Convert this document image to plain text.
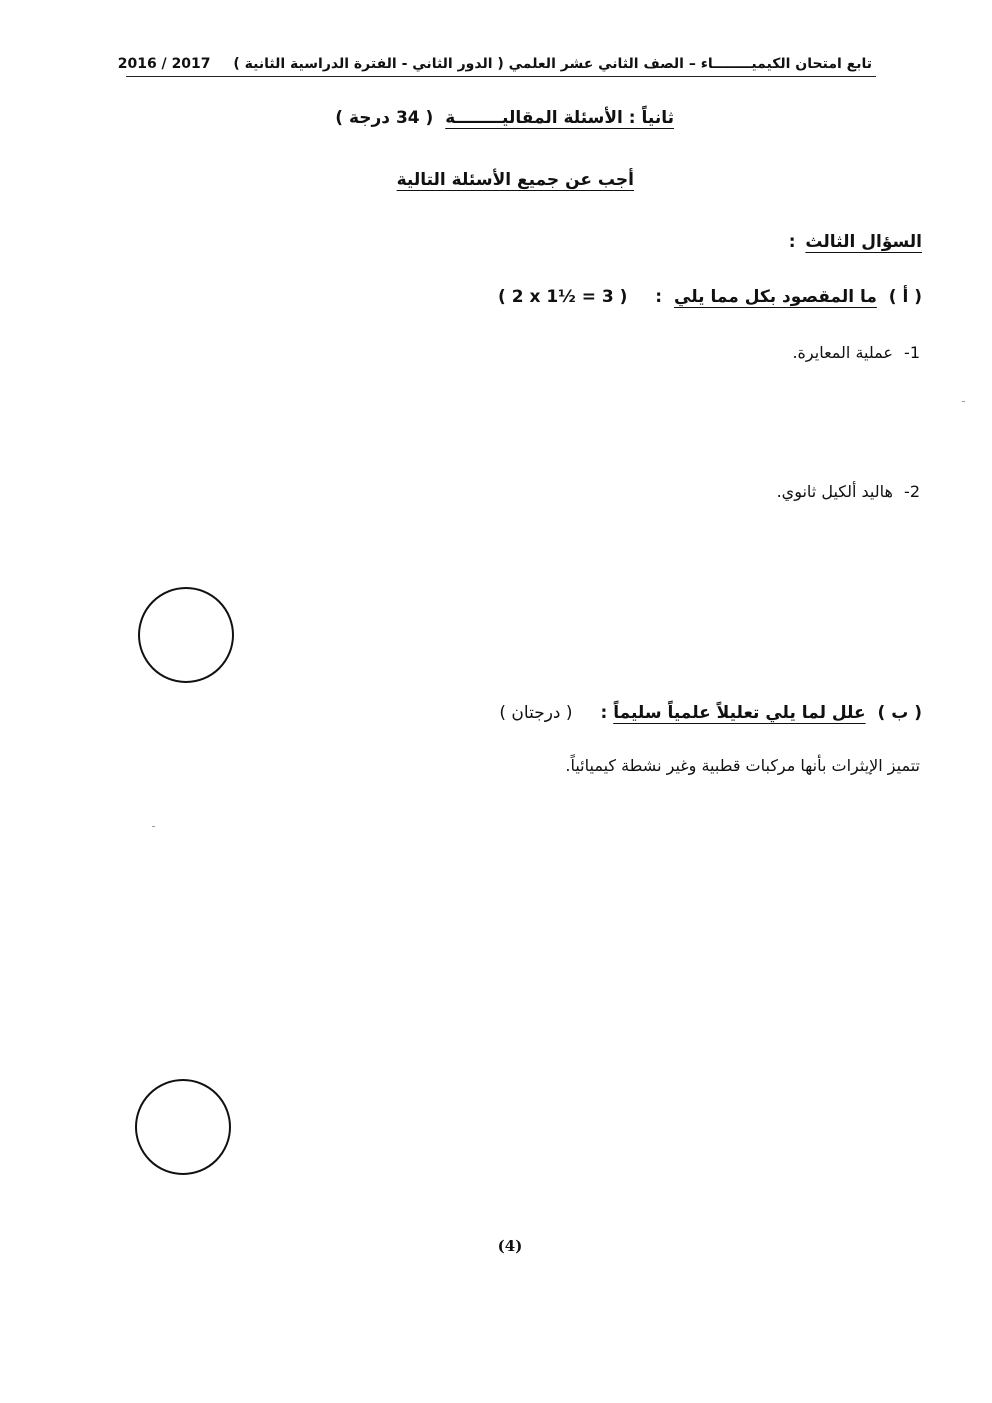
تابع امتحان الكيميــــــــاء – الصف الثاني عشر العلمي ( الدور الثاني - الفترة الدراسية الثانية ) 2017 / 2016
ثانياً : الأسئلة المقاليــــــــة ( 34 درجة )
أجب عن جميع الأسئلة التالية
السؤال الثالث :
( أ ) ما المقصود بكل مما يلي : ( 2 x 1½ = 3 )
1- عملية المعايرة.
2- هاليد ألكيل ثانوي.
( ب ) علل لما يلي تعليلاً علمياً سليماً : ( درجتان )
تتميز الإيثرات بأنها مركبات قطبية وغير نشطة كيميائياً.
(4)
